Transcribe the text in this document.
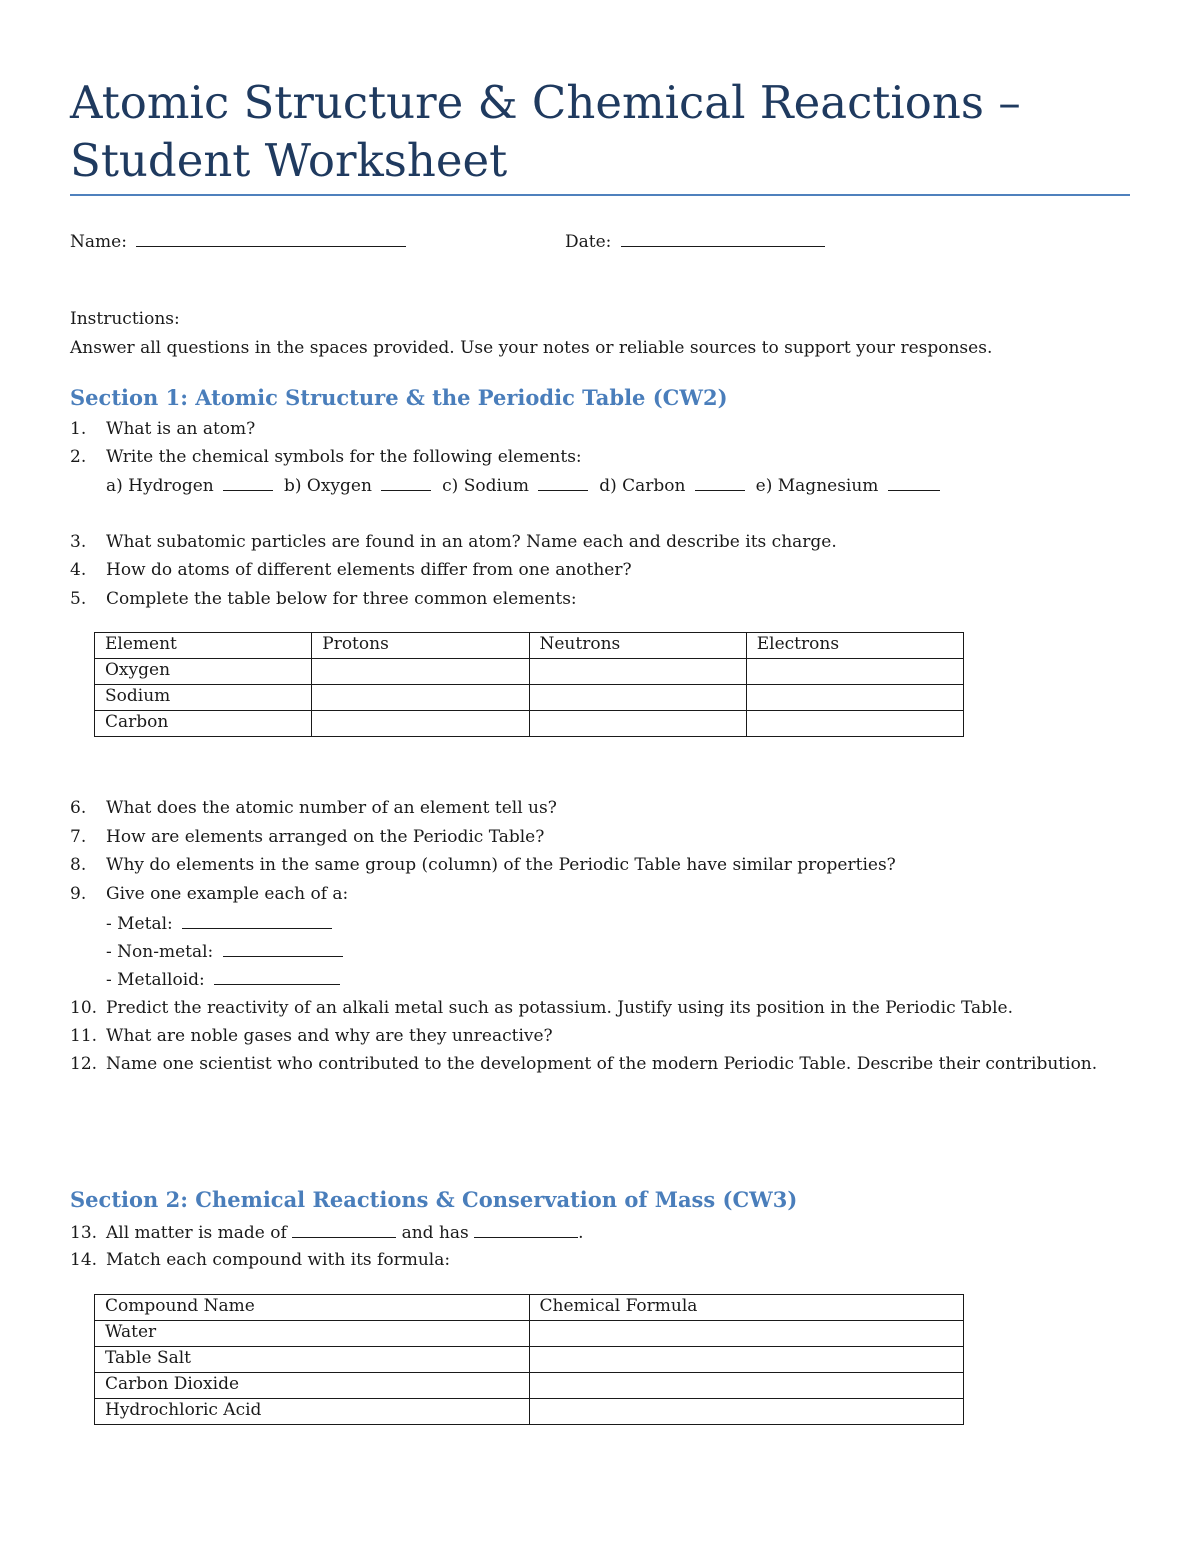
Atomic Structure & Chemical Reactions – Student Worksheet
Name:	Date:
Instructions:
Answer all questions in the spaces provided. Use your notes or reliable sources to support your responses.
Section 1: Atomic Structure & the Periodic Table (CW2)
1. What is an atom?
2. Write the chemical symbols for the following elements:
a) Hydrogen	b) Oxygen	c) Sodium	d) Carbon	e) Magnesium
3. What subatomic particles are found in an atom? Name each and describe its charge.
4. How do atoms of different elements differ from one another?
5. Complete the table below for three common elements:
Element	Protons	Neutrons	Electrons
Oxygen			
Sodium			
Carbon			
6. What does the atomic number of an element tell us?
7. How are elements arranged on the Periodic Table?
8. Why do elements in the same group (column) of the Periodic Table have similar properties?
9. Give one example each of a:
- Metal:
- Non-metal:
- Metalloid:
10. Predict the reactivity of an alkali metal such as potassium. Justify using its position in the Periodic Table.
11. What are noble gases and why are they unreactive?
12. Name one scientist who contributed to the development of the modern Periodic Table. Describe their contribution.
Section 2: Chemical Reactions & Conservation of Mass (CW3)
13. All matter is made of	and has	.
14. Match each compound with its formula:
Compound Name	Chemical Formula
Water	
Table Salt	
Carbon Dioxide	
Hydrochloric Acid	
